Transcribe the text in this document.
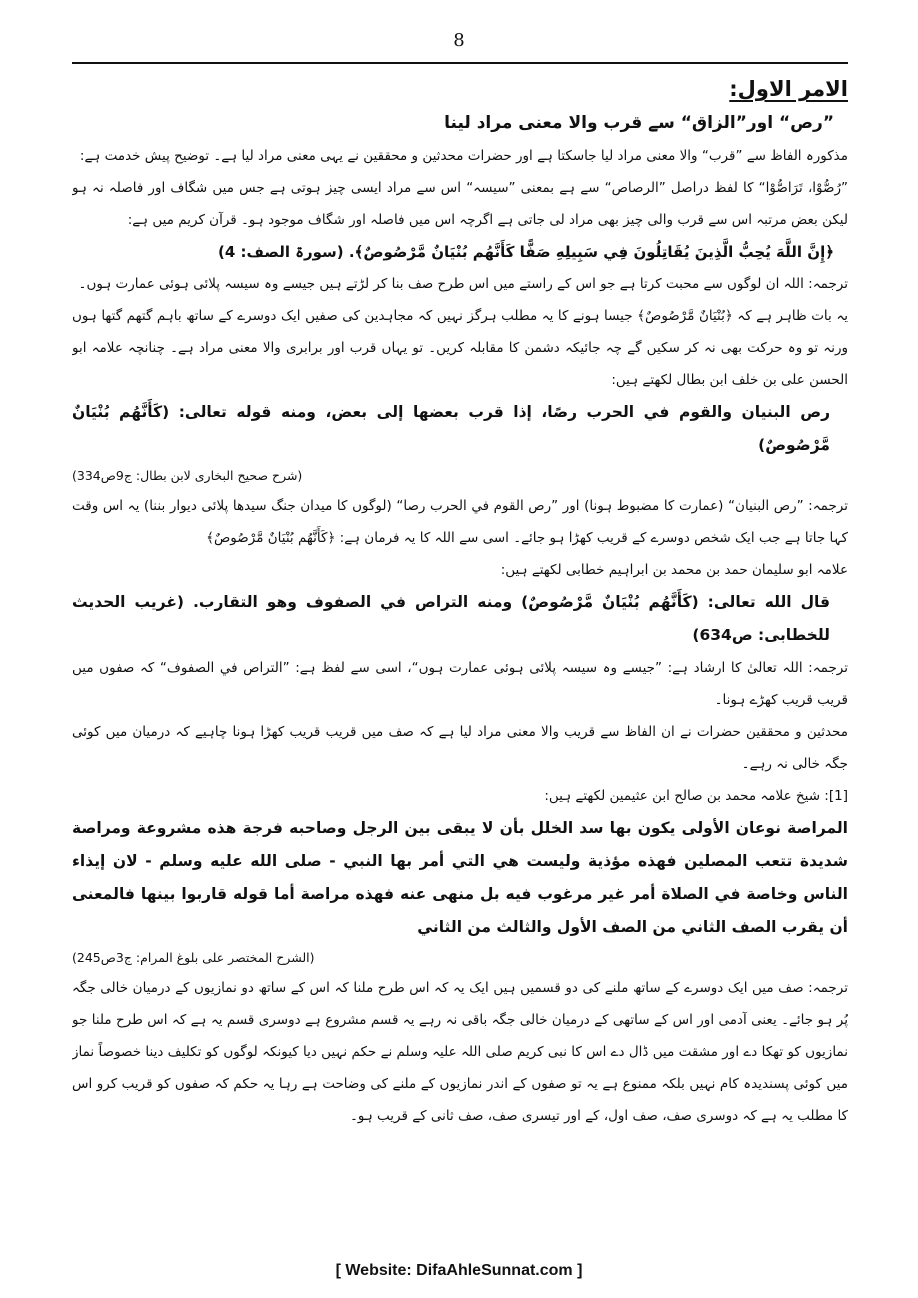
8

الامر الاول:

”رص“ اور”الزاق“ سے قرب والا معنی مراد لینا

مذکورہ الفاظ سے ”قرب“ والا معنی مراد لیا جاسکتا ہے اور حضرات محدثین و محققین نے یہی معنی مراد لیا ہے۔ توضیح پیش خدمت ہے:

”رُصُّوْا، تَرَاصُّوْا“ کا لفظ دراصل ”الرصاص“ سے ہے بمعنی ”سیسہ“ اس سے مراد ایسی چیز ہوتی ہے جس میں شگاف اور فاصلہ نہ ہو لیکن بعض مرتبہ اس سے قرب والی چیز بھی مراد لی جاتی ہے اگرچہ اس میں فاصلہ اور شگاف موجود ہو۔ قرآن کریم میں ہے:

﴿إِنَّ اللَّهَ يُحِبُّ الَّذِينَ يُقَاتِلُونَ فِي سَبِيلِهِ صَفًّا كَأَنَّهُم بُنْيَانٌ مَّرْصُوصٌ﴾. (سورۃ الصف: 4)

ترجمہ: اللہ ان لوگوں سے محبت کرتا ہے جو اس کے راستے میں اس طرح صف بنا کر لڑتے ہیں جیسے وہ سیسہ پلائی ہوئی عمارت ہوں۔

یہ بات ظاہر ہے کہ ﴿بُنْيَانٌ مَّرْصُوصٌ﴾ جیسا ہونے کا یہ مطلب ہرگز نہیں کہ مجاہدین کی صفیں ایک دوسرے کے ساتھ باہم گتھم گتھا ہوں ورنہ تو وہ حرکت بھی نہ کر سکیں گے چہ جائیکہ دشمن کا مقابلہ کریں۔ تو یہاں قرب اور برابری والا معنی مراد ہے۔ چنانچہ علامہ ابو الحسن علی بن خلف ابن بطال لکھتے ہیں:

رص البنيان والقوم في الحرب رصًا، إذا قرب بعضها إلى بعض، ومنه قوله تعالى: (كَأَنَّهُم بُنْيَانٌ مَّرْصُوصٌ)

(شرح صحیح البخاری لابن بطال: ج9ص334)

ترجمہ: ”رص البنیان“ (عمارت کا مضبوط ہونا) اور ”رص القوم في الحرب رصا“ (لوگوں کا میدان جنگ سیدھا پلائی دیوار بننا) یہ اس وقت کہا جاتا ہے جب ایک شخص دوسرے کے قریب کھڑا ہو جائے۔ اسی سے اللہ کا یہ فرمان ہے: ﴿كَأَنَّهُم بُنْيَانٌ مَّرْصُوصٌ﴾

علامہ ابو سلیمان حمد بن محمد بن ابراہیم خطابی لکھتے ہیں:

قال الله تعالى: (كَأَنَّهُم بُنْيَانٌ مَّرْصُوصٌ) ومنه التراص في الصفوف وهو التقارب. (غریب الحدیث للخطابی: ص634)

ترجمہ: اللہ تعالیٰ کا ارشاد ہے: ”جیسے وہ سیسہ پلائی ہوئی عمارت ہوں“، اسی سے لفظ ہے: ”التراص في الصفوف“ کہ صفوں میں قریب قریب کھڑے ہونا۔

محدثین و محققین حضرات نے ان الفاظ سے قریب والا معنی مراد لیا ہے کہ صف میں قریب قریب کھڑا ہونا چاہیے کہ درمیان میں کوئی جگہ خالی نہ رہے۔

[1]: شیخ علامہ محمد بن صالح ابن عثیمین لکھتے ہیں:

المراصة نوعان الأولى يكون بها سد الخلل بأن لا يبقى بين الرجل وصاحبه فرجة هذه مشروعة ومراصة شديدة تتعب المصلين فهذه مؤذية وليست هي التي أمر بها النبي - صلى الله عليه وسلم - لان إيذاء الناس وخاصة في الصلاة أمر غير مرغوب فيه بل منهى عنه فهذه مراصة أما قوله قاربوا بينها فالمعنى أن يقرب الصف الثاني من الصف الأول والثالث من الثاني

(الشرح المختصر علی بلوغ المرام: ج3ص245)

ترجمہ: صف میں ایک دوسرے کے ساتھ ملنے کی دو قسمیں ہیں ایک یہ کہ اس طرح ملنا کہ اس کے ساتھ دو نمازیوں کے درمیان خالی جگہ پُر ہو جائے۔ یعنی آدمی اور اس کے ساتھی کے درمیان خالی جگہ باقی نہ رہے یہ قسم مشروع ہے دوسری قسم یہ ہے کہ اس طرح ملنا جو نمازیوں کو تھکا دے اور مشقت میں ڈال دے اس کا نبی کریم صلی اللہ علیہ وسلم نے حکم نہیں دیا کیونکہ لوگوں کو تکلیف دینا خصوصاً نماز میں کوئی پسندیدہ کام نہیں بلکہ ممنوع ہے یہ تو صفوں کے اندر نمازیوں کے ملنے کی وضاحت ہے رہا یہ حکم کہ صفوں کو قریب کرو اس کا مطلب یہ ہے کہ دوسری صف، صف اول، کے اور تیسری صف، صف ثانی کے قریب ہو۔

[ Website: DifaAhleSunnat.com ]
